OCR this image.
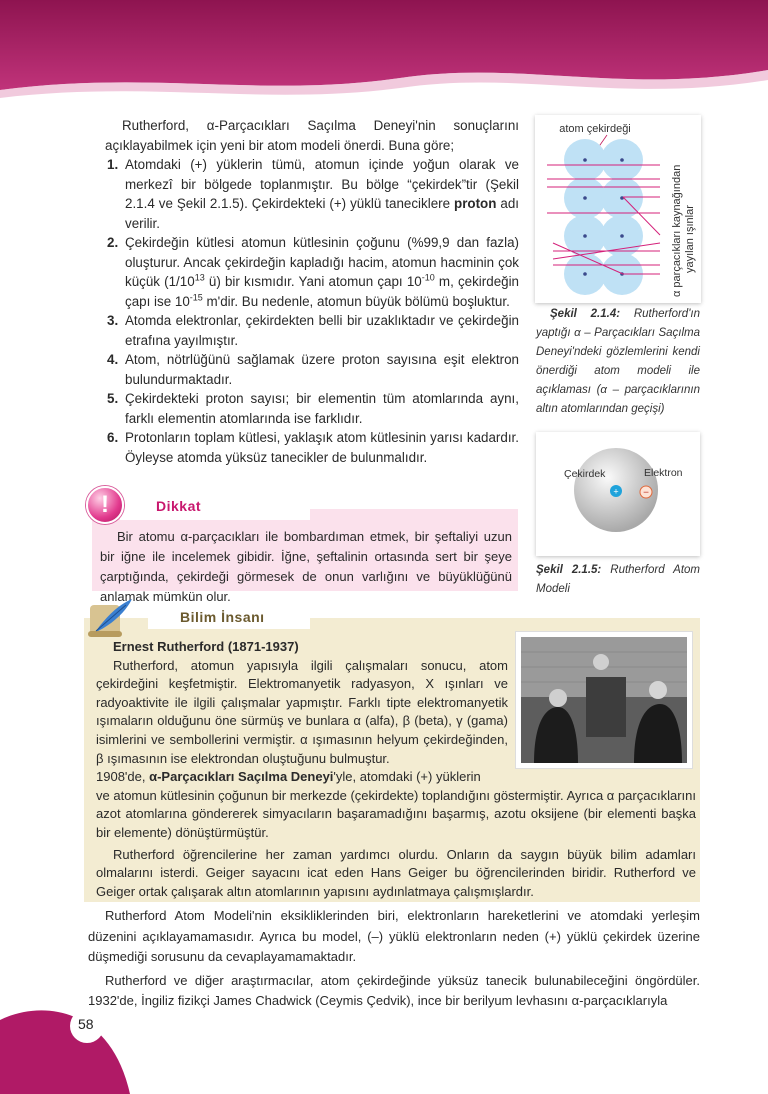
Rutherford, α-Parçacıkları Saçılma Deneyi'nin sonuçlarını açıklayabilmek için yeni bir atom modeli önerdi. Buna göre;

1. Atomdaki (+) yüklerin tümü, atomun içinde yoğun olarak ve merkezî bir bölgede toplanmıştır. Bu bölge “çekirdek”tir (Şekil 2.1.4 ve Şekil 2.1.5). Çekirdekteki (+) yüklü taneciklere proton adı verilir.
2. Çekirdeğin kütlesi atomun kütlesinin çoğunu (%99,9 dan fazla) oluşturur. Ancak çekirdeğin kapladığı hacim, atomun hacminin çok küçük ($1/10^{13}$ ü) bir kısmıdır. Yani atomun çapı $10^{-10}$ m, çekirdeğin çapı ise $10^{-15}$ m'dir. Bu nedenle, atomun büyük bölümü boşluktur.
3. Atomda elektronlar, çekirdekten belli bir uzaklıktadır ve çekirdeğin etrafına yayılmıştır.
4. Atom, nötrlüğünü sağlamak üzere proton sayısına eşit elektron bulundurmaktadır.
5. Çekirdekteki proton sayısı; bir elementin tüm atomlarında aynı, farklı elementin atomlarında ise farklıdır.
6. Protonların toplam kütlesi, yaklaşık atom kütlesinin yarısı kadardır. Öyleyse atomda yüksüz tanecikler de bulunmalıdır.
!	Dikkat

Bir atomu α-parçacıkları ile bombardıman etmek, bir şeftaliyi uzun bir iğne ile incelemek gibidir. İğne, şeftalinin ortasında sert bir şeye çarptığında, çekirdeği görmesek de onun varlığını ve büyüklüğünü anlamak mümkün olur.

atom çekirdeği
α parçacıkları kaynağından yayılan ışınlar

Şekil 2.1.4: Rutherford'ın yaptığı α – Parçacıkları Saçılma Deneyi'ndeki gözlemlerini kendi önerdiği atom modeli ile açıklaması (α – parçacıklarının altın atomlarından geçişi)

+ −
Çekirdek	Elektron

Şekil 2.1.5: Rutherford Atom Modeli

Bilim İnsanı

Ernest Rutherford (1871-1937)

Rutherford, atomun yapısıyla ilgili çalışmaları sonucu, atom çekirdeğini keşfetmiştir. Elektromanyetik radyasyon, X ışınları ve radyoaktivite ile ilgili çalışmalar yapmıştır. Farklı tipte elektromanyetik ışımaların olduğunu öne sürmüş ve bunlara α (alfa), β (beta), γ (gama) isimlerini ve sembollerini vermiştir. α ışımasının helyum çekirdeğinden, β ışımasının ise elektrondan oluştuğunu bulmuştur.

1908'de, α-Parçacıkları Saçılma Deneyi'yle, atomdaki (+) yüklerin

ve atomun kütlesinin çoğunun bir merkezde (çekirdekte) toplandığını göstermiştir. Ayrıca α parçacıklarını azot atomlarına göndererek simyacıların başaramadığını başarmış, azotu oksijene (bir elementi başka bir elemente) dönüştürmüştür.

Rutherford öğrencilerine her zaman yardımcı olurdu. Onların da saygın büyük bilim adamları olmalarını isterdi. Geiger sayacını icat eden Hans Geiger bu öğrencilerinden biridir. Rutherford ve Geiger ortak çalışarak altın atomlarının yapısını aydınlatmaya çalışmışlardır.

Rutherford Atom Modeli'nin eksikliklerinden biri, elektronların hareketlerini ve atomdaki yerleşim düzenini açıklayamamasıdır. Ayrıca bu model, (–) yüklü elektronların neden (+) yüklü çekirdek üzerine düşmediği sorusunu da cevaplayamamaktadır.

Rutherford ve diğer araştırmacılar, atom çekirdeğinde yüksüz tanecik bulunabileceğini öngördüler. 1932'de, İngiliz fizikçi James Chadwick (Ceymis Çedvik), ince bir berilyum levhasını α-parçacıklarıyla

58
